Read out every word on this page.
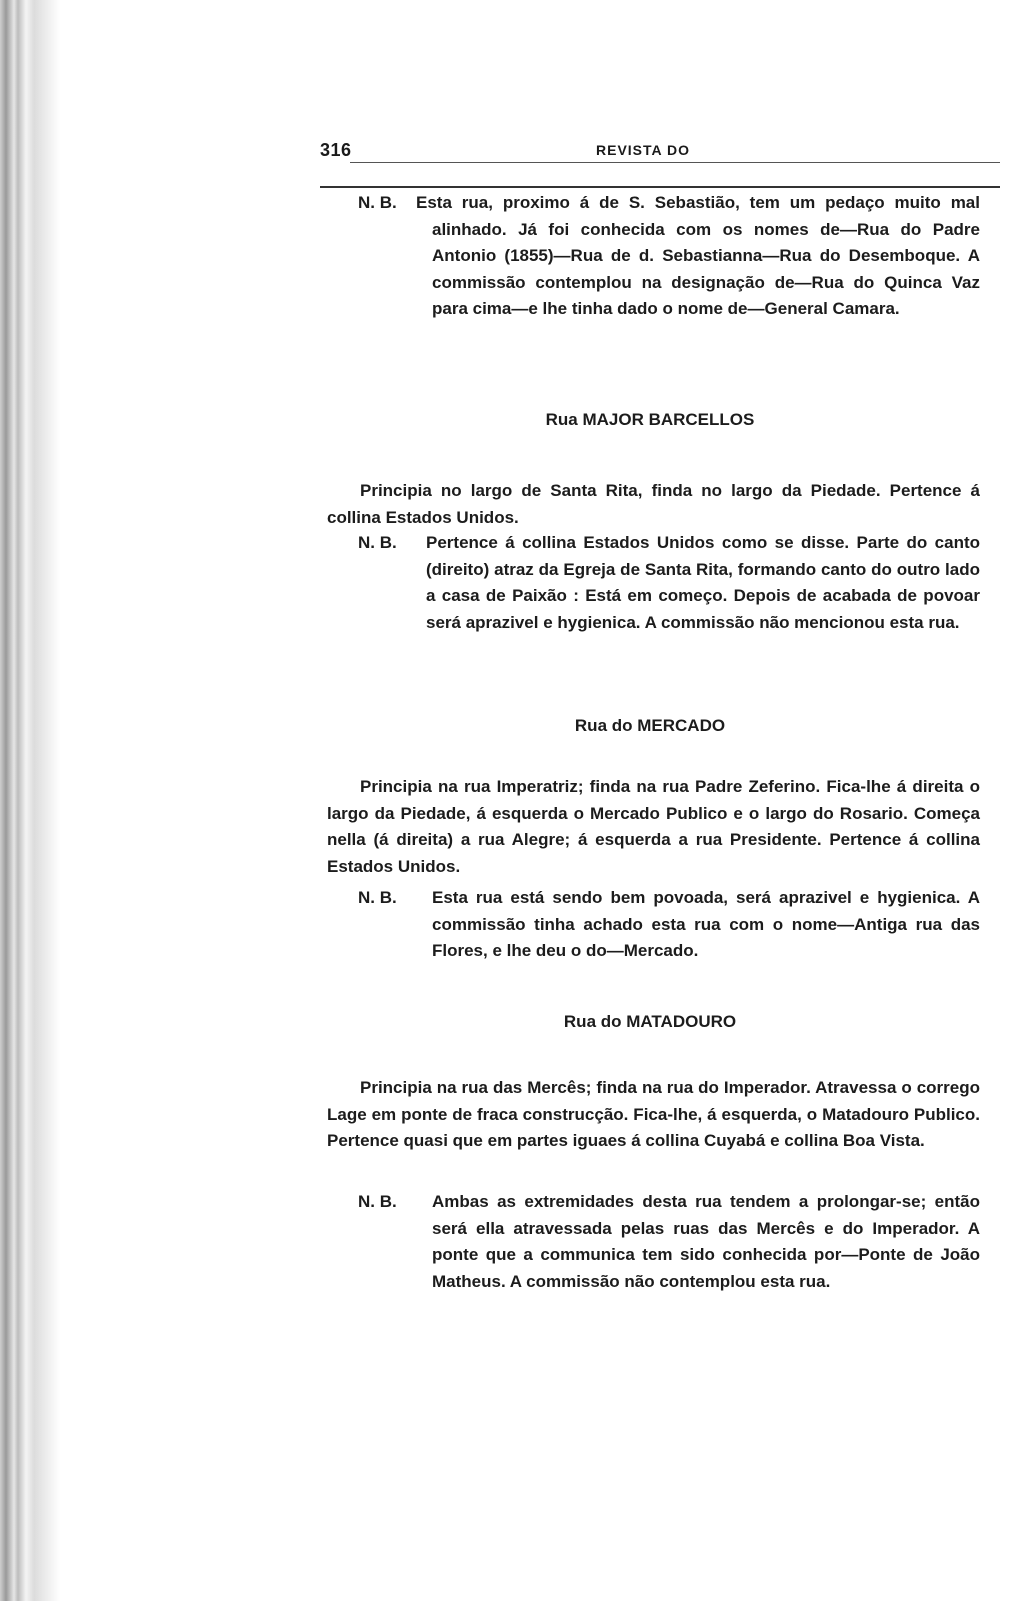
316	REVISTA DO
N. B. Esta rua, proximo á de S. Sebastião, tem um pedaço muito mal alinhado. Já foi conhecida com os nomes de—Rua do Padre Antonio (1855)—Rua de d. Sebastianna—Rua do Desemboque. A commissão contemplou na designação de—Rua do Quinca Vaz para cima—e lhe tinha dado o nome de—General Camara.
Rua MAJOR BARCELLOS
Principia no largo de Santa Rita, finda no largo da Piedade. Pertence á collina Estados Unidos.
N. B. Pertence á collina Estados Unidos como se disse. Parte do canto (direito) atraz da Egreja de Santa Rita, formando canto do outro lado a casa de Paixão : Está em começo. Depois de acabada de povoar será aprazivel e hygienica. A commissão não mencionou esta rua.
Rua do MERCADO
Principia na rua Imperatriz; finda na rua Padre Zeferino. Fica-lhe á direita o largo da Piedade, á esquerda o Mercado Publico e o largo do Rosario. Começa nella (á direita) a rua Alegre; á esquerda a rua Presidente. Pertence á collina Estados Unidos.
N. B. Esta rua está sendo bem povoada, será aprazivel e hygienica. A commissão tinha achado esta rua com o nome—Antiga rua das Flores, e lhe deu o do—Mercado.
Rua do MATADOURO
Principia na rua das Mercês; finda na rua do Imperador. Atravessa o corrego Lage em ponte de fraca construcção. Fica-lhe, á esquerda, o Matadouro Publico. Pertence quasi que em partes iguaes á collina Cuyabá e collina Boa Vista.
N. B. Ambas as extremidades desta rua tendem a prolongar-se; então será ella atravessada pelas ruas das Mercês e do Imperador. A ponte que a communica tem sido conhecida por—Ponte de João Matheus. A commissão não contemplou esta rua.
